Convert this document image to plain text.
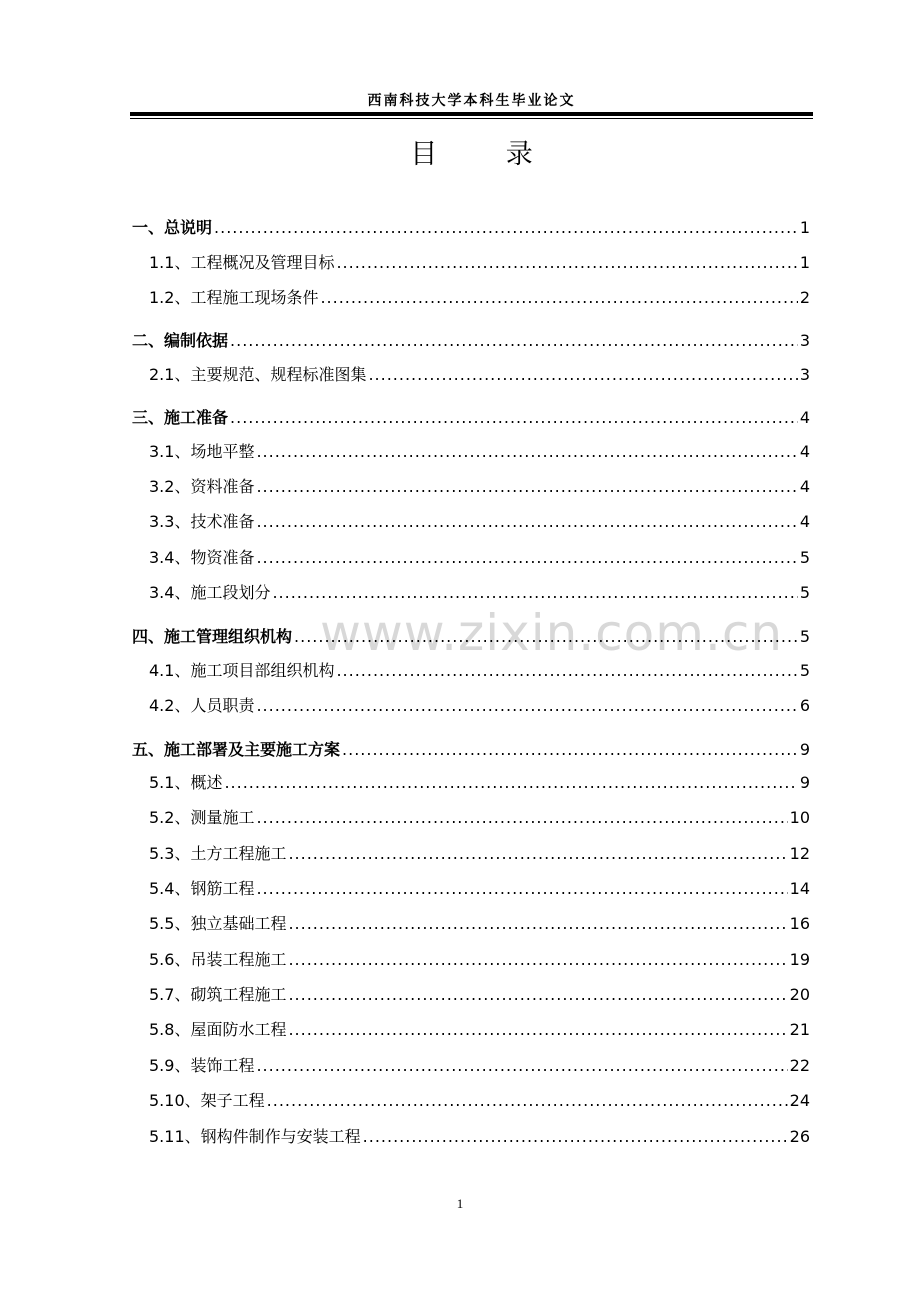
西南科技大学本科生毕业论文
目 录
www.zixin.com.cn
一、总说明 .....	1
1.1、工程概况及管理目标 .....	1
1.2、工程施工现场条件 .....	2
二、编制依据 .....	3
2.1、主要规范、规程标准图集 .....	3
三、施工准备 .....	4
3.1、场地平整 .....	4
3.2、资料准备 .....	4
3.3、技术准备 .....	4
3.4、物资准备 .....	5
3.4、施工段划分 .....	5
四、施工管理组织机构 .....	5
4.1、施工项目部组织机构 .....	5
4.2、人员职责 .....	6
五、施工部署及主要施工方案 .....	9
5.1、概述 .....	9
5.2、测量施工 .....	10
5.3、土方工程施工 .....	12
5.4、钢筋工程 .....	14
5.5、独立基础工程 .....	16
5.6、吊装工程施工 .....	19
5.7、砌筑工程施工 .....	20
5.8、屋面防水工程 .....	21
5.9、装饰工程 .....	22
5.10、架子工程 .....	24
5.11、钢构件制作与安装工程 .....	26
1
